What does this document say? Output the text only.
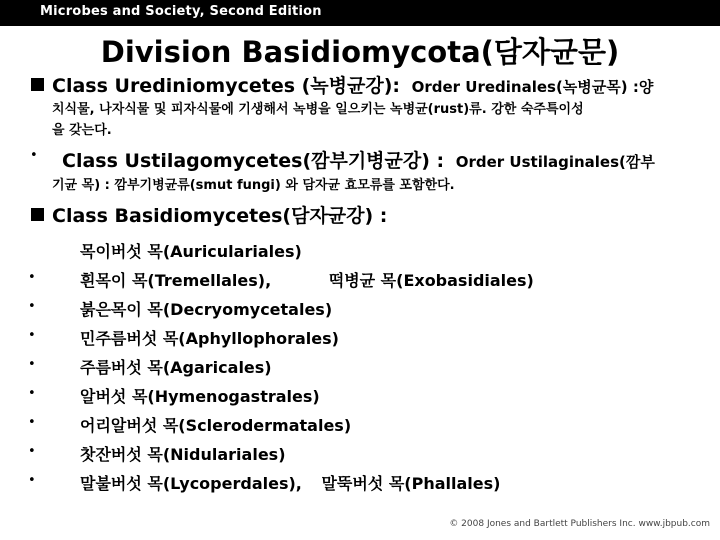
Microbes and Society, Second Edition
Division Basidiomycota(담자균문)
Class Urediniomycetes (녹병균강): Order Uredinales(녹병균목) :양
치식물, 나자식물 및 피자식물에 기생해서 녹병을 일으키는 녹병균(rust)류. 강한 숙주특이성
을 갖는다.
• Class Ustilagomycetes(깜부기병균강) : Order Ustilaginales(깜부
기균 목) : 깜부기병균류(smut fungi) 와 담자균 효모류를 포함한다.
Class Basidiomycetes(담자균강) :
목이버섯 목(Auriculariales)
•	흰목이 목(Tremellales),	떡병균 목(Exobasidiales)
•	붉은목이 목(Decryomycetales)
•	민주름버섯 목(Aphyllophorales)
•	주름버섯 목(Agaricales)
•	알버섯 목(Hymenogastrales)
•	어리알버섯 목(Sclerodermatales)
•	찻잔버섯 목(Nidulariales)
•	말불버섯 목(Lycoperdales), 말뚝버섯 목(Phallales)
© 2008 Jones and Bartlett Publishers Inc. www.jbpub.com
